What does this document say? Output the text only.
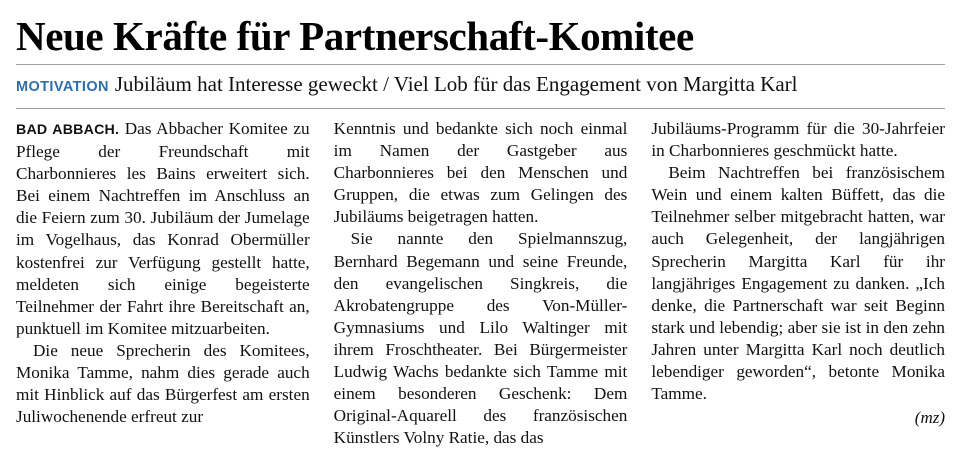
Neue Kräfte für Partnerschaft-Komitee
MOTIVATION Jubiläum hat Interesse geweckt / Viel Lob für das Engagement von Margitta Karl

BAD ABBACH. Das Abbacher Komitee zu Pflege der Freundschaft mit Charbonnieres les Bains erweitert sich. Bei einem Nachtreffen im Anschluss an die Feiern zum 30. Jubiläum der Jumelage im Vogelhaus, das Konrad Obermüller kostenfrei zur Verfügung gestellt hatte, meldeten sich einige begeisterte Teilnehmer der Fahrt ihre Bereitschaft an, punktuell im Komitee mitzuarbeiten.

Die neue Sprecherin des Komitees, Monika Tamme, nahm dies gerade auch mit Hinblick auf das Bürgerfest am ersten Juliwochenende erfreut zur

Kenntnis und bedankte sich noch einmal im Namen der Gastgeber aus Charbonnieres bei den Menschen und Gruppen, die etwas zum Gelingen des Jubiläums beigetragen hatten.

Sie nannte den Spielmannszug, Bernhard Begemann und seine Freunde, den evangelischen Singkreis, die Akrobatengruppe des Von-Müller-Gymnasiums und Lilo Waltinger mit ihrem Froschtheater. Bei Bürgermeister Ludwig Wachs bedankte sich Tamme mit einem besonderen Geschenk: Dem Original-Aquarell des französischen Künstlers Volny Ratie, das das

Jubiläums-Programm für die 30-Jahrfeier in Charbonnieres geschmückt hatte.

Beim Nachtreffen bei französischem Wein und einem kalten Büffett, das die Teilnehmer selber mitgebracht hatten, war auch Gelegenheit, der langjährigen Sprecherin Margitta Karl für ihr langjähriges Engagement zu danken. „Ich denke, die Partnerschaft war seit Beginn stark und lebendig; aber sie ist in den zehn Jahren unter Margitta Karl noch deutlich lebendiger geworden“, betonte Monika Tamme.

(mz)
